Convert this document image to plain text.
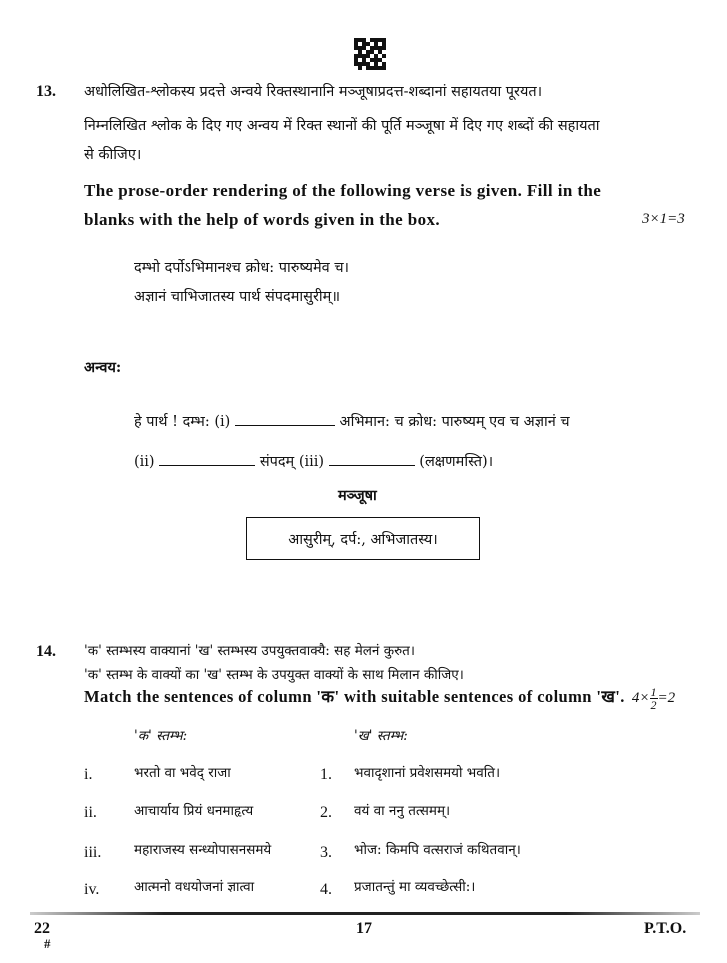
13. अधोलिखित-श्लोकस्य प्रदत्ते अन्वये रिक्तस्थानानि मञ्जूषाप्रदत्त-शब्दानां सहायतया पूरयत।
निम्नलिखित श्लोक के दिए गए अन्वय में रिक्त स्थानों की पूर्ति मञ्जूषा में दिए गए शब्दों की सहायता
से कीजिए।
The prose-order rendering of the following verse is given. Fill in the
blanks with the help of words given in the box.	3×1=3
दम्भो दर्पोऽभिमानश्च क्रोध: पारुष्यमेव च।
अज्ञानं चाभिजातस्य पार्थ संपदमासुरीम्॥
अन्वय:
हे पार्थ ! दम्भ: (i)	अभिमान: च क्रोध: पारुष्यम् एव च अज्ञानं च
(ii)	संपदम् (iii)	(लक्षणमस्ति)।
मञ्जूषा
आसुरीम्, दर्प:, अभिजातस्य।
14. 'क' स्तम्भस्य वाक्यानां 'ख' स्तम्भस्य उपयुक्तवाक्यै: सह मेलनं कुरुत।
'क' स्तम्भ के वाक्यों का 'ख' स्तम्भ के उपयुक्त वाक्यों के साथ मिलान कीजिए।
Match the sentences of column 'क' with suitable sentences of column 'ख'. $4\times \frac{1}{2} =2$
'क' स्तम्भ:	'ख' स्तम्भ:
i.	भरतो वा भवेद् राजा	1. भवादृशानां प्रवेशसमयो भवति।
ii.	आचार्याय प्रियं धनमाहृत्य	2. वयं वा ननु तत्समम्।
iii. महाराजस्य सन्ध्योपासनसमये	3. भोज: किमपि वत्सराजं कथितवान्।
iv.	आत्मनो वधयोजनां ज्ञात्वा	4. प्रजातन्तुं मा व्यवच्छेत्सी:।
22
#
17	P.T.O.
